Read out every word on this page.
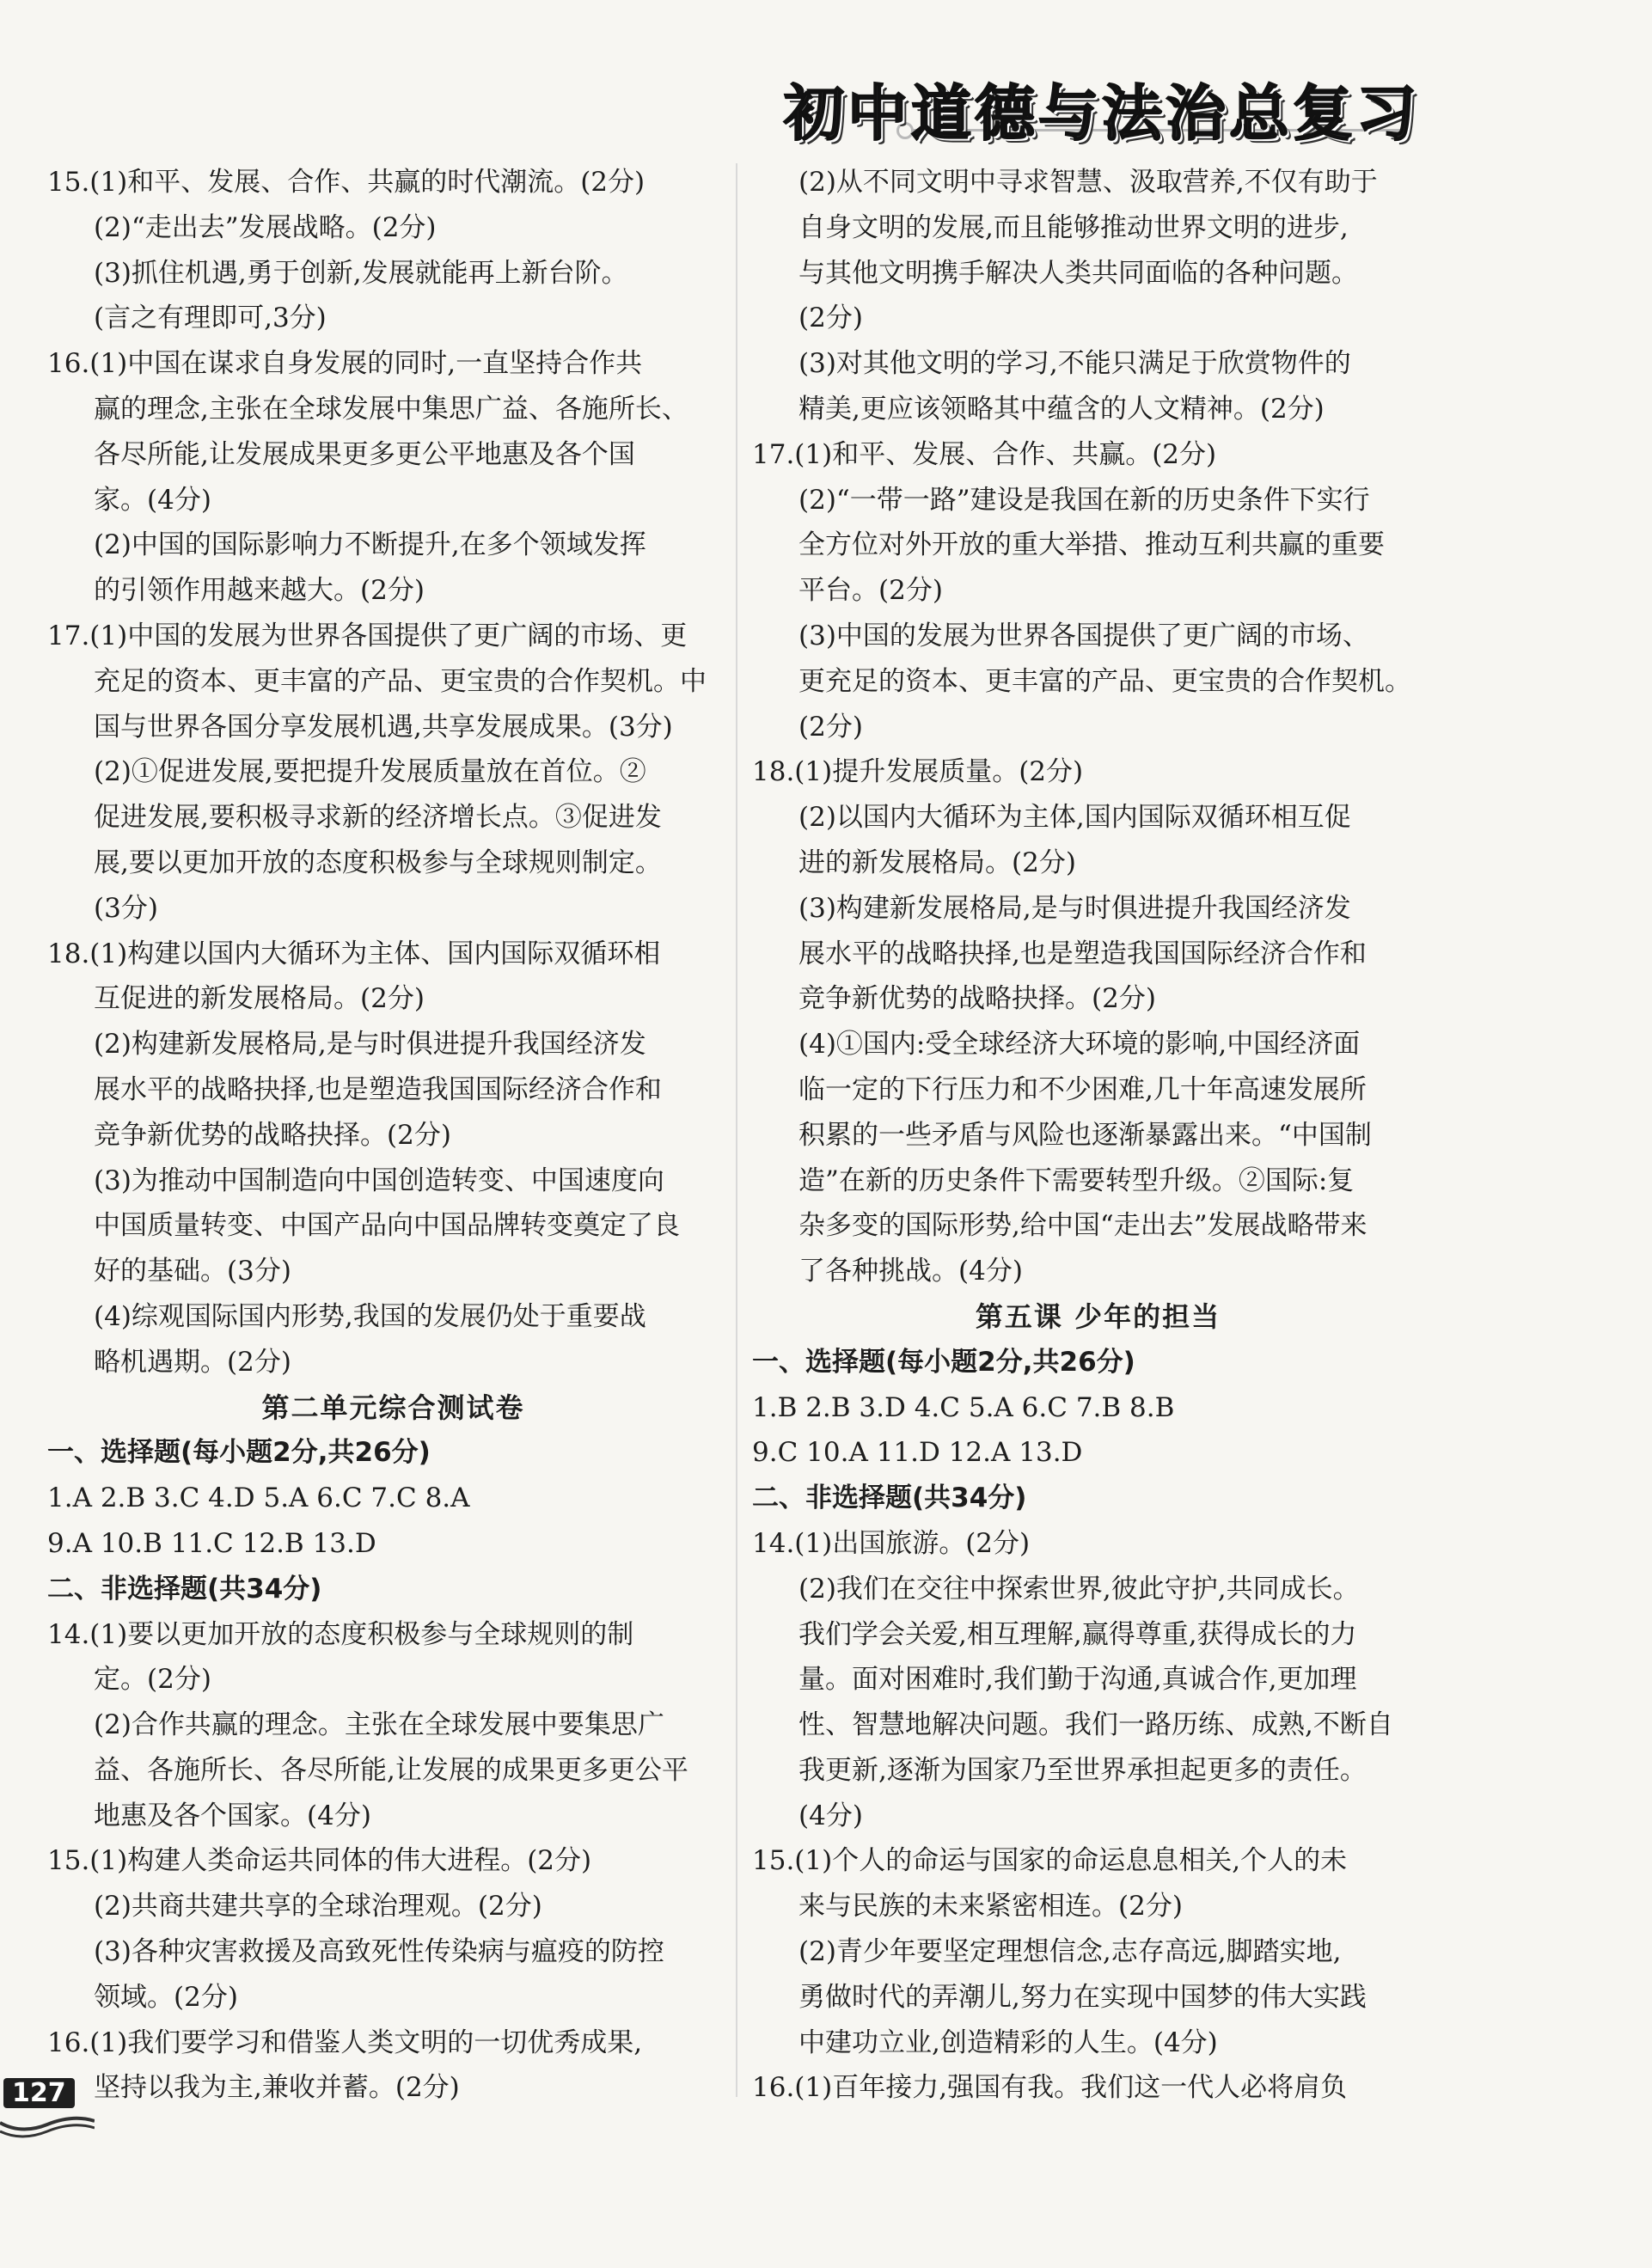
初中道德与法治总复习
15.(1)和平、发展、合作、共赢的时代潮流。(2分)
(2)“走出去”发展战略。(2分)
(3)抓住机遇,勇于创新,发展就能再上新台阶。
(言之有理即可,3分)
16.(1)中国在谋求自身发展的同时,一直坚持合作共
赢的理念,主张在全球发展中集思广益、各施所长、
各尽所能,让发展成果更多更公平地惠及各个国
家。(4分)
(2)中国的国际影响力不断提升,在多个领域发挥
的引领作用越来越大。(2分)
17.(1)中国的发展为世界各国提供了更广阔的市场、更
充足的资本、更丰富的产品、更宝贵的合作契机。中
国与世界各国分享发展机遇,共享发展成果。(3分)
(2)①促进发展,要把提升发展质量放在首位。②
促进发展,要积极寻求新的经济增长点。③促进发
展,要以更加开放的态度积极参与全球规则制定。
(3分)
18.(1)构建以国内大循环为主体、国内国际双循环相
互促进的新发展格局。(2分)
(2)构建新发展格局,是与时俱进提升我国经济发
展水平的战略抉择,也是塑造我国国际经济合作和
竞争新优势的战略抉择。(2分)
(3)为推动中国制造向中国创造转变、中国速度向
中国质量转变、中国产品向中国品牌转变奠定了良
好的基础。(3分)
(4)综观国际国内形势,我国的发展仍处于重要战
略机遇期。(2分)
第二单元综合测试卷
一、选择题(每小题2分,共26分)
1.A 2.B 3.C 4.D 5.A 6.C 7.C 8.A
9.A 10.B 11.C 12.B 13.D
二、非选择题(共34分)
14.(1)要以更加开放的态度积极参与全球规则的制
定。(2分)
(2)合作共赢的理念。主张在全球发展中要集思广
益、各施所长、各尽所能,让发展的成果更多更公平
地惠及各个国家。(4分)
15.(1)构建人类命运共同体的伟大进程。(2分)
(2)共商共建共享的全球治理观。(2分)
(3)各种灾害救援及高致死性传染病与瘟疫的防控
领域。(2分)
16.(1)我们要学习和借鉴人类文明的一切优秀成果,
坚持以我为主,兼收并蓄。(2分)
(2)从不同文明中寻求智慧、汲取营养,不仅有助于
自身文明的发展,而且能够推动世界文明的进步,
与其他文明携手解决人类共同面临的各种问题。
(2分)
(3)对其他文明的学习,不能只满足于欣赏物件的
精美,更应该领略其中蕴含的人文精神。(2分)
17.(1)和平、发展、合作、共赢。(2分)
(2)“一带一路”建设是我国在新的历史条件下实行
全方位对外开放的重大举措、推动互利共赢的重要
平台。(2分)
(3)中国的发展为世界各国提供了更广阔的市场、
更充足的资本、更丰富的产品、更宝贵的合作契机。
(2分)
18.(1)提升发展质量。(2分)
(2)以国内大循环为主体,国内国际双循环相互促
进的新发展格局。(2分)
(3)构建新发展格局,是与时俱进提升我国经济发
展水平的战略抉择,也是塑造我国国际经济合作和
竞争新优势的战略抉择。(2分)
(4)①国内:受全球经济大环境的影响,中国经济面
临一定的下行压力和不少困难,几十年高速发展所
积累的一些矛盾与风险也逐渐暴露出来。“中国制
造”在新的历史条件下需要转型升级。②国际:复
杂多变的国际形势,给中国“走出去”发展战略带来
了各种挑战。(4分)
第五课 少年的担当
一、选择题(每小题2分,共26分)
1.B 2.B 3.D 4.C 5.A 6.C 7.B 8.B
9.C 10.A 11.D 12.A 13.D
二、非选择题(共34分)
14.(1)出国旅游。(2分)
(2)我们在交往中探索世界,彼此守护,共同成长。
我们学会关爱,相互理解,赢得尊重,获得成长的力
量。面对困难时,我们勤于沟通,真诚合作,更加理
性、智慧地解决问题。我们一路历练、成熟,不断自
我更新,逐渐为国家乃至世界承担起更多的责任。
(4分)
15.(1)个人的命运与国家的命运息息相关,个人的未
来与民族的未来紧密相连。(2分)
(2)青少年要坚定理想信念,志存高远,脚踏实地,
勇做时代的弄潮儿,努力在实现中国梦的伟大实践
中建功立业,创造精彩的人生。(4分)
16.(1)百年接力,强国有我。我们这一代人必将肩负
127
